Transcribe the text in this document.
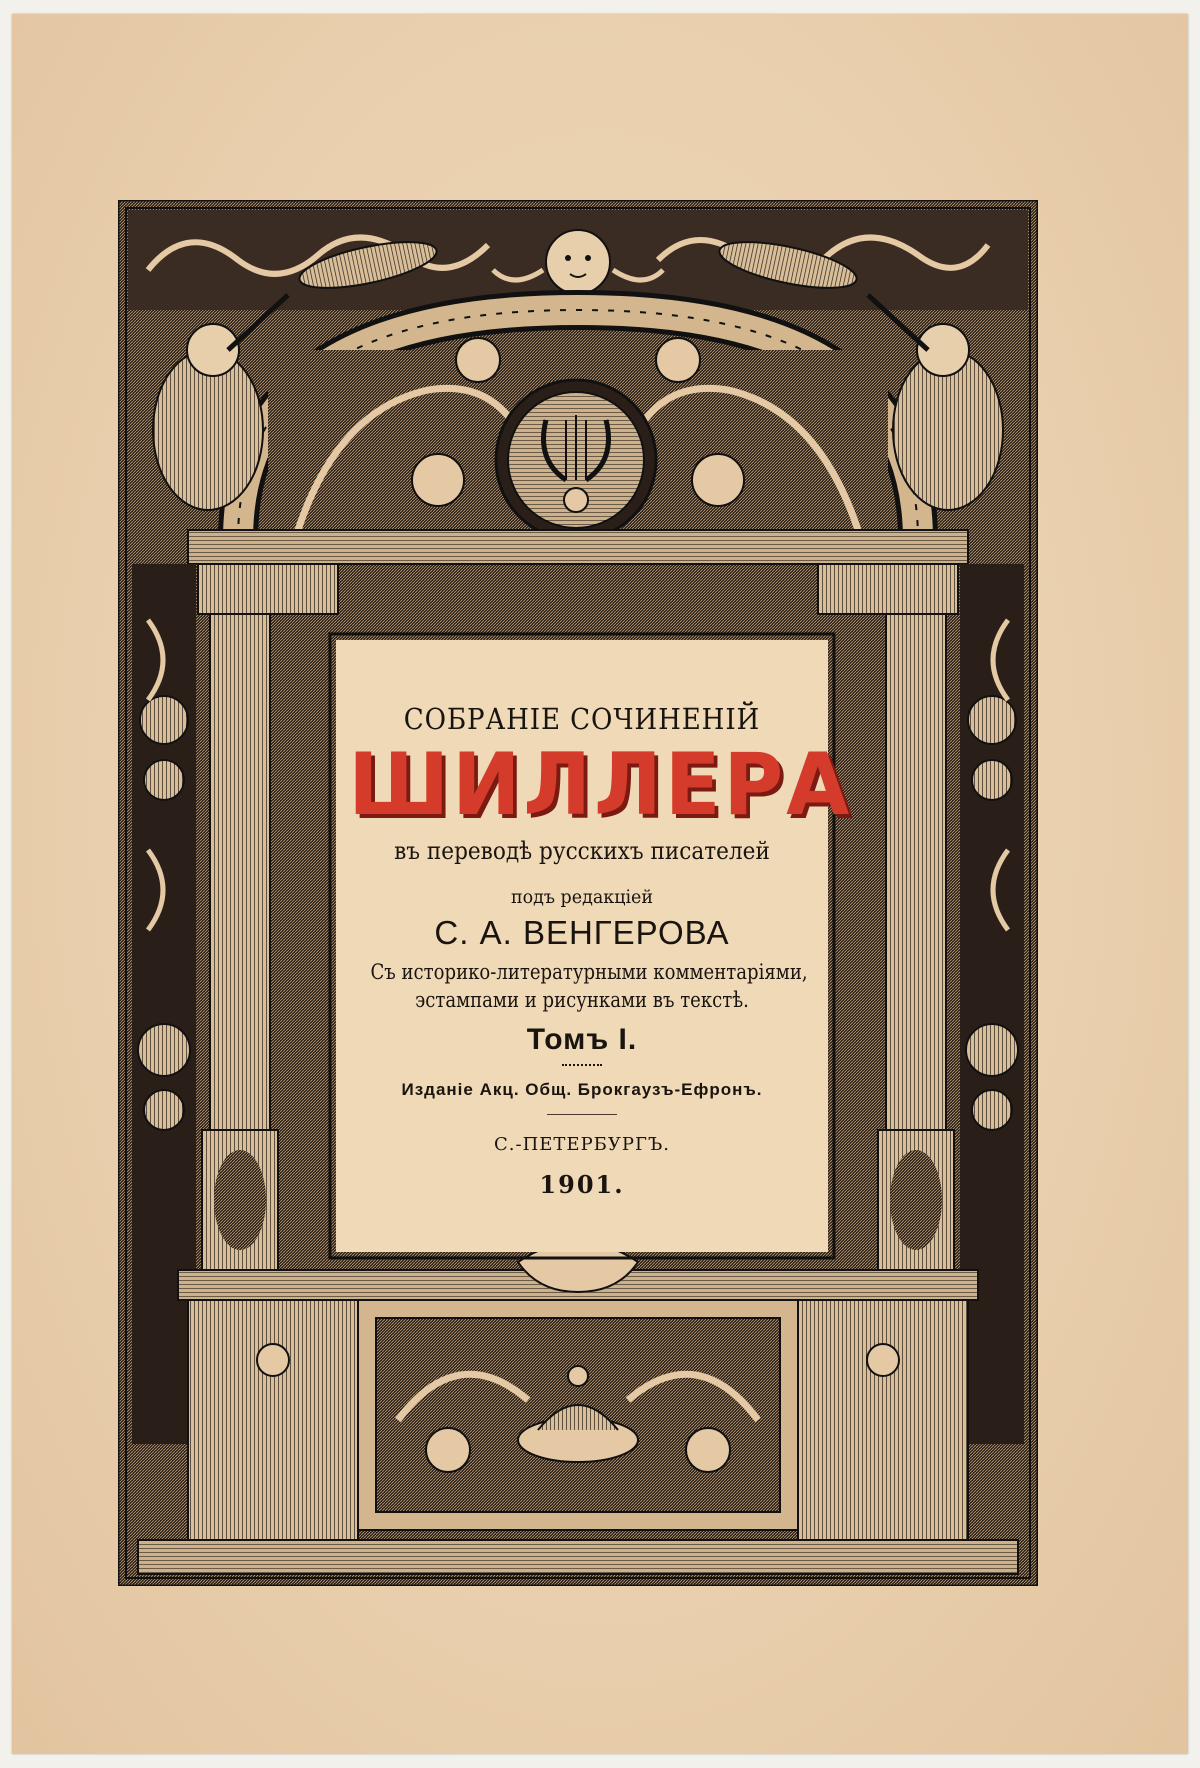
СОБРАНIЕ СОЧИНЕНIЙ
ШИЛЛЕРА
въ переводѣ русскихъ писателей
подъ редакцiей
С. А. ВЕНГЕРОВА
Съ историко-литературными комментарiями,
эстампами и рисунками въ текстѣ.
Томъ I.
Изданiе Акц. Общ. Брокгаузъ-Ефронъ.
С.-ПЕТЕРБУРГЪ.
1901.
